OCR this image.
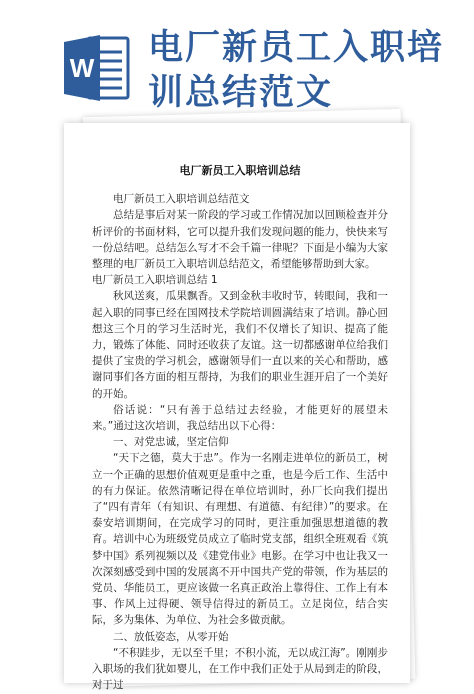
W 电厂新员工入职培
训总结范文
电厂新员工入职培训总结

电厂新员工入职培训总结范文

总结是事后对某一阶段的学习或工作情况加以回顾检查并分析评价的书面材料，它可以提升我们发现问题的能力，快快来写一份总结吧。总结怎么写才不会千篇一律呢？下面是小编为大家整理的电厂新员工入职培训总结范文，希望能够帮助到大家。

电厂新员工入职培训总结 1

秋风送爽，瓜果飘香。又到金秋丰收时节，转眼间，我和一起入职的同事已经在国网技术学院培训圆满结束了培训。静心回想这三个月的学习生活时光，我们不仅增长了知识、提高了能力，锻炼了体能、同时还收获了友谊。这一切都感谢单位给我们提供了宝贵的学习机会，感谢领导们一直以来的关心和帮助，感谢同事们各方面的相互帮持，为我们的职业生涯开启了一个美好的开始。

俗话说：“只有善于总结过去经验，才能更好的展望未来。”通过这次培训，我总结出以下心得：

一、对党忠诚，坚定信仰

“天下之德，莫大于忠”。作为一名刚走进单位的新员工，树立一个正确的思想价值观更是重中之重，也是今后工作、生活中的有力保证。依然清晰记得在单位培训时，孙厂长向我们提出了“四有青年（有知识、有理想、有道德、有纪律）”的要求。在泰安培训期间，在完成学习的同时，更注重加强思想道德的教育。培训中心为班级党员成立了临时党支部，组织全班观看《筑梦中国》系列视频以及《建党伟业》电影。在学习中也让我又一次深刻感受到中国的发展离不开中国共产党的带领，作为基层的党员、华能员工，更应该做一名真正政治上靠得住、工作上有本事、作风上过得硬、领导信得过的新员工。立足岗位，结合实际，多为集体、为单位、为社会多做贡献。

二、放低姿态，从零开始

“不积跬步，无以至千里；不积小流，无以成江海”。刚刚步入职场的我们犹如婴儿，在工作中我们正处于从局到走的阶段，对于过
